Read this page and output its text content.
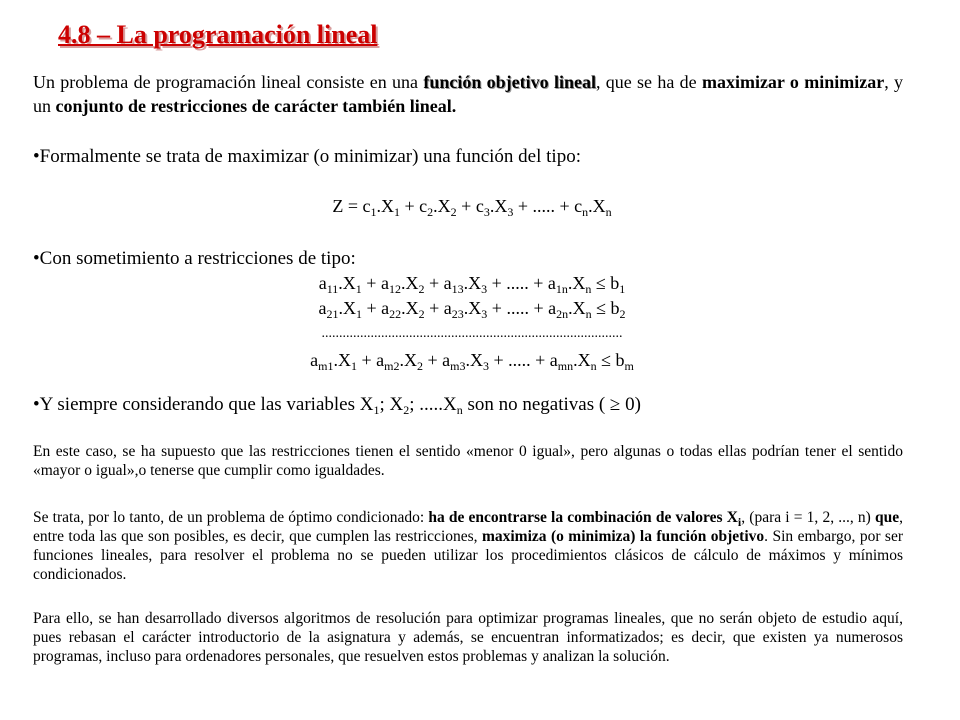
4.8 – La programación lineal
Un problema de programación lineal consiste en una función objetivo lineal, que se ha de maximizar o minimizar, y un conjunto de restricciones de carácter también lineal.
•Formalmente se trata de maximizar (o minimizar) una función del tipo:
$Z = c_1.X_1 + c_2.X_2 + c_3.X_3$ + ..... + $c_n.X_n$
•Con sometimiento a restricciones de tipo:
$a_{11}.X_1 + a_{12}.X_2 + a_{13}.X_3$ + ..... + $a_{1n}.X_n \le b_1$
$a_{21}.X_1 + a_{22}.X_2 + a_{23}.X_3$ + ..... + $a_{2n}.X_n \le b_2$
......................................................................................
$a_{m1}.X_1 + a_{m2}.X_2 + a_{m3}.X_3$ + ..... + $a_{mn}.X_n \le b_m$
•Y siempre considerando que las variables $X_1$; $X_2$; $.....X_n$ son no negativas ( ≥ 0)
En este caso, se ha supuesto que las restricciones tienen el sentido «menor 0 igual», pero algunas o todas ellas podrían tener el sentido «mayor o igual»,o tenerse que cumplir como igualdades.
Se trata, por lo tanto, de un problema de óptimo condicionado: ha de encontrarse la combinación de valores $X_i$, (para i = 1, 2, ..., n) que, entre toda las que son posibles, es decir, que cumplen las restricciones, maximiza (o minimiza) la función objetivo. Sin embargo, por ser funciones lineales, para resolver el problema no se pueden utilizar los procedimientos clásicos de cálculo de máximos y mínimos condicionados.
Para ello, se han desarrollado diversos algoritmos de resolución para optimizar programas lineales, que no serán objeto de estudio aquí, pues rebasan el carácter introductorio de la asignatura y además, se encuentran informatizados; es decir, que existen ya numerosos programas, incluso para ordenadores personales, que resuelven estos problemas y analizan la solución.
